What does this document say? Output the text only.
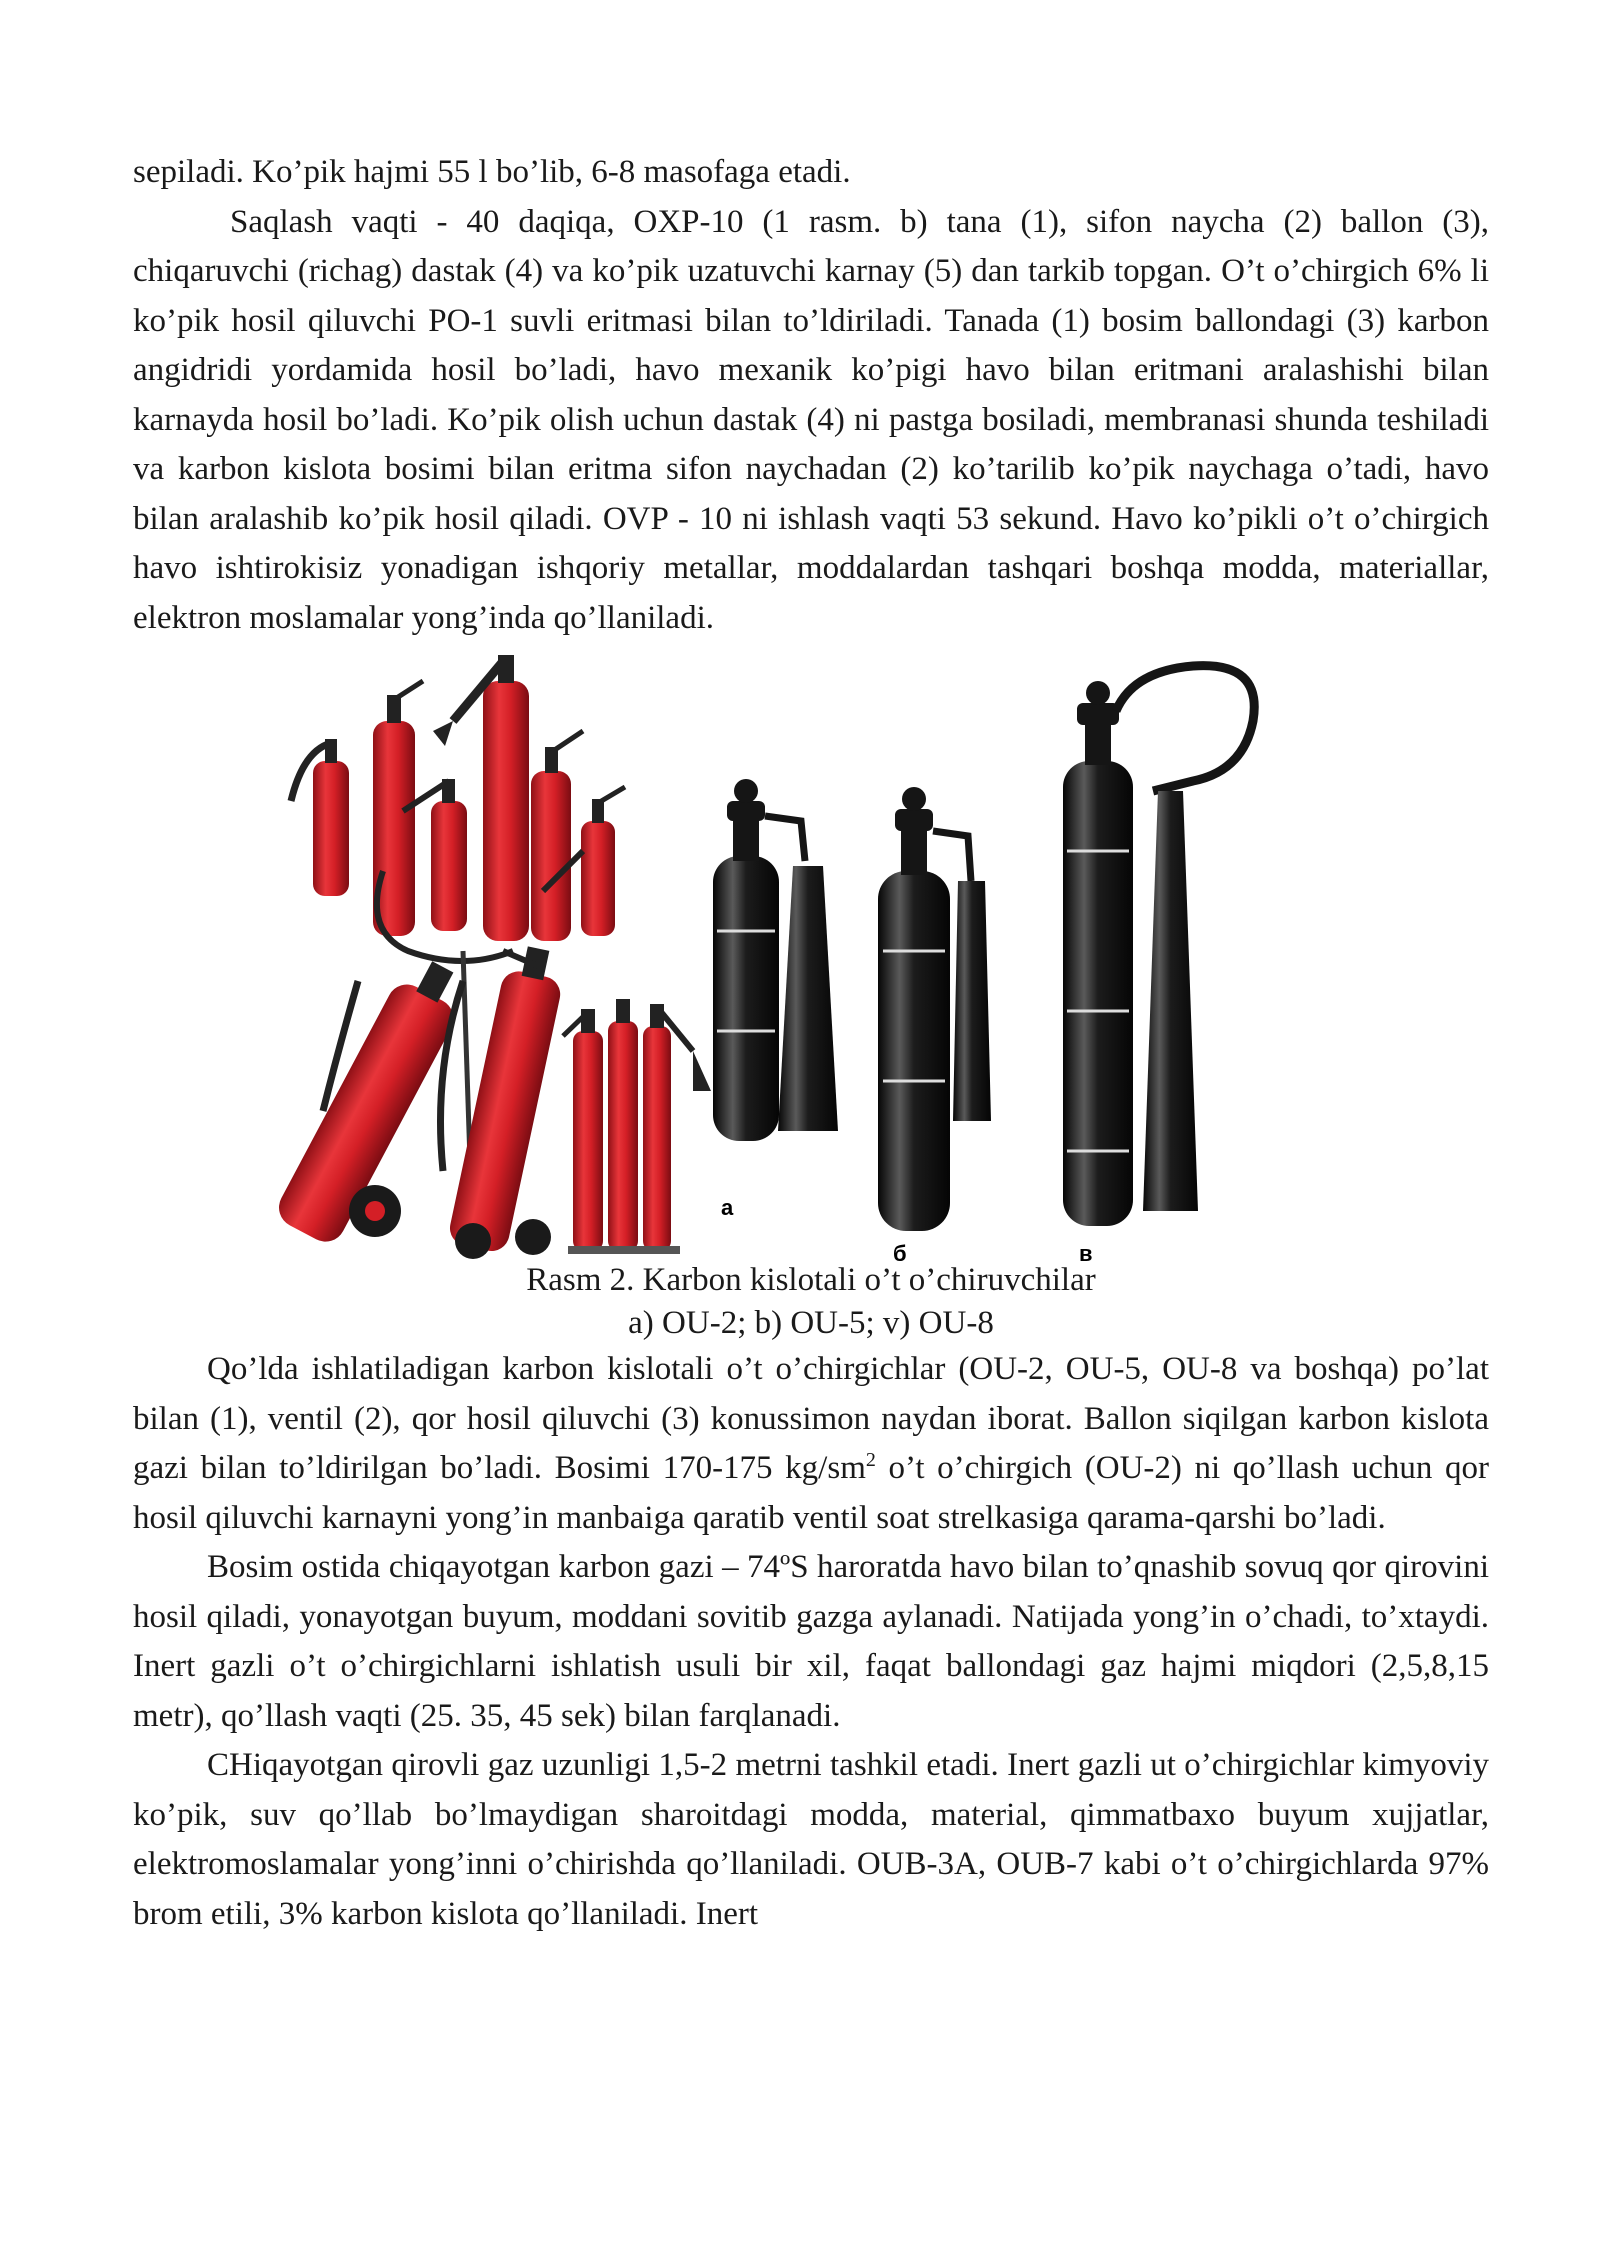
sepiladi. Ko’pik hajmi 55 l bo’lib, 6-8 masofaga etadi.

Saqlash vaqti - 40 daqiqa, OXP-10 (1 rasm. b) tana (1), sifon naycha (2) ballon (3), chiqaruvchi (richag) dastak (4) va ko’pik uzatuvchi karnay (5) dan tarkib topgan. O’t o’chirgich 6% li ko’pik hosil qiluvchi PO-1 suvli eritmasi bilan to’ldiriladi. Tanada (1) bosim ballondagi (3) karbon angidridi yordamida hosil bo’ladi, havo mexanik ko’pigi havo bilan eritmani aralashishi bilan karnayda hosil bo’ladi. Ko’pik olish uchun dastak (4) ni pastga bosiladi, membranasi shunda teshiladi va karbon kislota bosimi bilan eritma sifon naychadan (2) ko’tarilib ko’pik naychaga o’tadi, havo bilan aralashib ko’pik hosil qiladi. OVP - 10 ni ishlash vaqti 53 sekund. Havo ko’pikli o’t o’chirgich havo ishtirokisiz yonadigan ishqoriy metallar, moddalardan tashqari boshqa modda, materiallar, elektron moslamalar yong’inda qo’llaniladi.

а
б	в

Rasm 2. Karbon kislotali o’t o’chiruvchilar

a) OU-2; b) OU-5; v) OU-8

Qo’lda ishlatiladigan karbon kislotali o’t o’chirgichlar (OU-2, OU-5, OU-8 va boshqa) po’lat bilan (1), ventil (2), qor hosil qiluvchi (3) konussimon naydan iborat. Ballon siqilgan karbon kislota gazi bilan to’ldirilgan bo’ladi. Bosimi 170-175 $kg/sm^2$ o’t o’chirgich (OU-2) ni qo’llash uchun qor hosil qiluvchi karnayni yong’in manbaiga qaratib ventil soat strelkasiga qarama-qarshi bo’ladi.

Bosim ostida chiqayotgan karbon gazi – 74ºS haroratda havo bilan to’qnashib sovuq qor qirovini hosil qiladi, yonayotgan buyum, moddani sovitib gazga aylanadi. Natijada yong’in o’chadi, to’xtaydi. Inert gazli o’t o’chirgichlarni ishlatish usuli bir xil, faqat ballondagi gaz hajmi miqdori (2,5,8,15 metr), qo’llash vaqti (25. 35, 45 sek) bilan farqlanadi.

CHiqayotgan qirovli gaz uzunligi 1,5-2 metrni tashkil etadi. Inert gazli ut o’chirgichlar kimyoviy ko’pik, suv qo’llab bo’lmaydigan sharoitdagi modda, material, qimmatbaxo buyum xujjatlar, elektromoslamalar yong’inni o’chirishda qo’llaniladi. OUB-3A, OUB-7 kabi o’t o’chirgichlarda 97% brom etili, 3% karbon kislota qo’llaniladi. Inert
